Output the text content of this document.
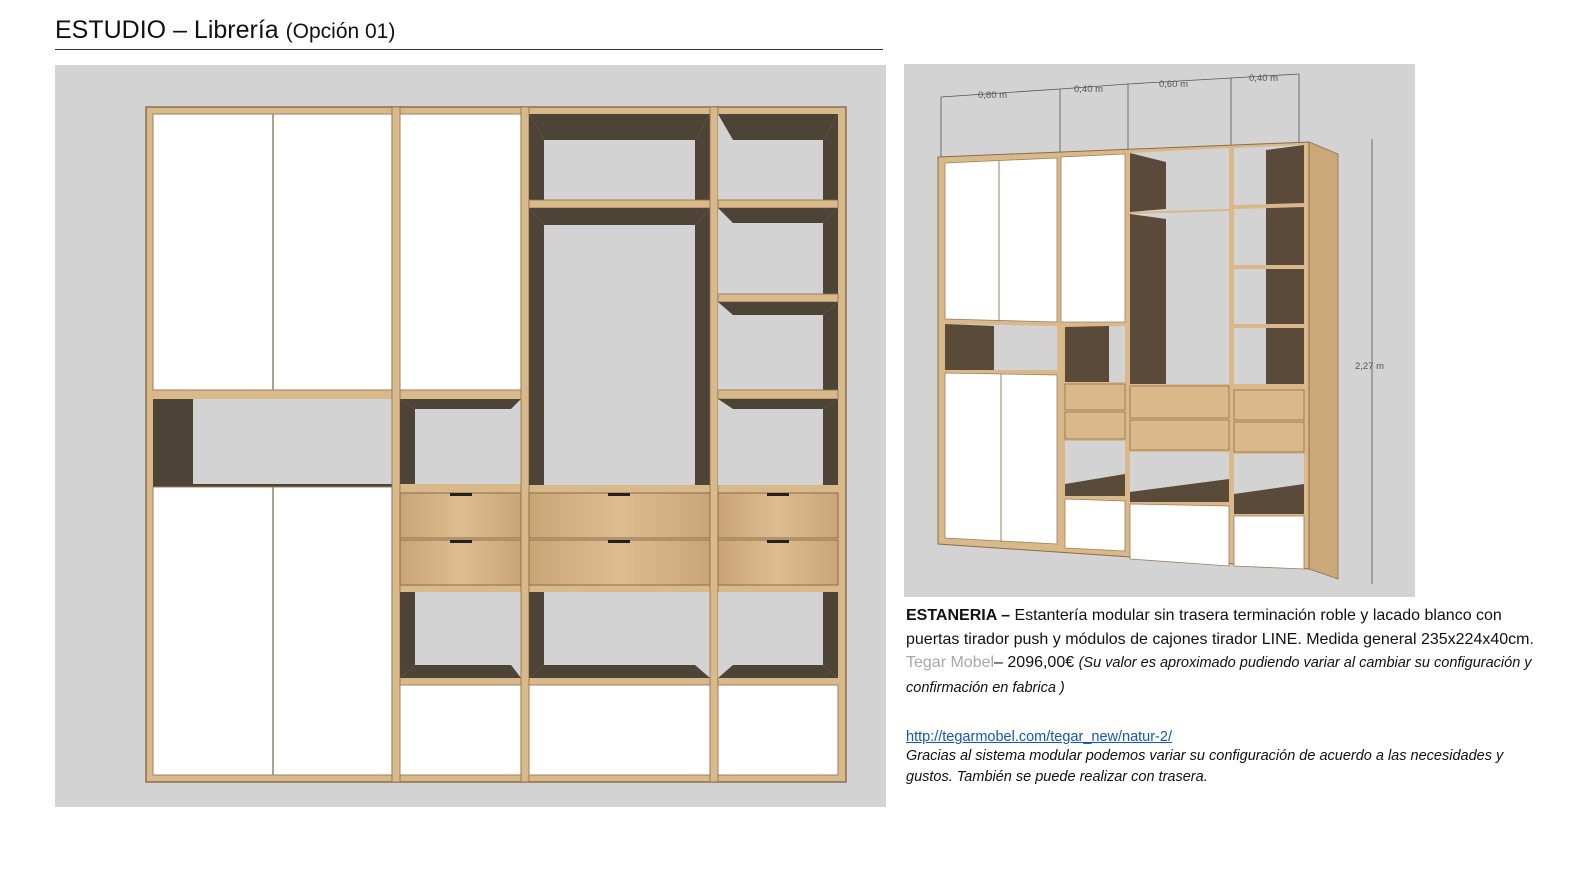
ESTUDIO – Librería (Opción 01)
0,80 m
0,40 m	0,60 m
0,40 m
2,27 m
ESTANERIA – Estantería modular sin trasera terminación roble y lacado blanco con puertas tirador push y módulos de cajones tirador LINE. Medida general 235x224x40cm.
Tegar Mobel– 2096,00€ (Su valor es aproximado pudiendo variar al cambiar su configuración y confirmación en fabrica )
http://tegarmobel.com/tegar_new/natur-2/
Gracias al sistema modular podemos variar su configuración de acuerdo a las necesidades y gustos. También se puede realizar con trasera.
